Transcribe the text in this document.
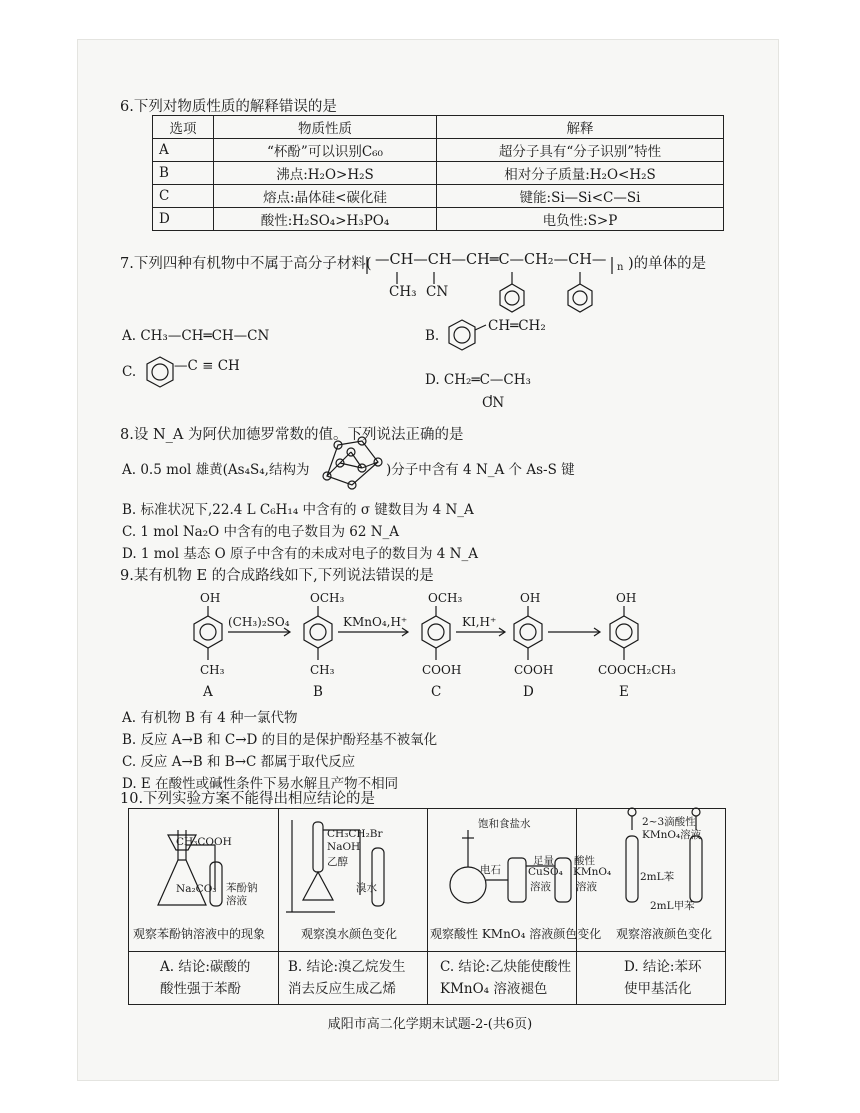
6.下列对物质性质的解释错误的是
选项	物质性质	解释
A	“杯酚”可以识别C₆₀	超分子具有“分子识别”特性
B	沸点:H₂O>H₂S	相对分子质量:H₂O<H₂S
C	熔点:晶体硅<碳化硅	键能:Si—Si<C—Si
D	酸性:H₂SO₄>H₃PO₄	电负性:S>P
7.下列四种有机物中不属于高分子材料( —CH—CH—CH═C—CH₂—CH— n )的单体的是
CH₃ CN
A. CH₃—CH═CH—CN	B.
CH═CH₂
C.	—C ≡ CH
D. CH₂═C—CH₃
CN
8.设 N_A 为阿伏加德罗常数的值。下列说法正确的是
A. 0.5 mol 雄黄(As₄S₄,结构为	)分子中含有 4 N_A 个 As-S 键
B. 标准状况下,22.4 L C₆H₁₄ 中含有的 σ 键数目为 4 N_A
C. 1 mol Na₂O 中含有的电子数目为 62 N_A
D. 1 mol 基态 O 原子中含有的未成对电子的数目为 4 N_A
9.某有机物 E 的合成路线如下,下列说法错误的是
OH
CH₃
(CH₃)₂SO₄
OCH₃
CH₃
KMnO₄,H⁺
OCH₃
COOH
KI,H⁺
OH
COOH
OH
COOCH₂CH₃
A	B	C	D	E
A. 有机物 B 有 4 种一氯代物
B. 反应 A→B 和 C→D 的目的是保护酚羟基不被氧化
C. 反应 A→B 和 B→C 都属于取代反应
D. E 在酸性或碱性条件下易水解且产物不相同
10.下列实验方案不能得出相应结论的是
CH₃COOH
Na₂CO₃ 苯酚钠
溶液
CH₃CH₂Br
NaOH
乙醇
溴水
饱和食盐水
电石
足量
CuSO₄
溶液
酸性
KMnO₄
溶液
2~3滴酸性
KMnO₄溶液
2mL苯
2mL甲苯
观察苯酚钠溶液中的现象	观察溴水颜色变化	观察酸性 KMnO₄ 溶液颜色变化 观察溶液颜色变化
A. 结论:碳酸的
酸性强于苯酚
B. 结论:溴乙烷发生
消去反应生成乙烯
C. 结论:乙炔能使酸性
KMnO₄ 溶液褪色
D. 结论:苯环
使甲基活化
咸阳市高二化学期末试题-2-(共6页)
